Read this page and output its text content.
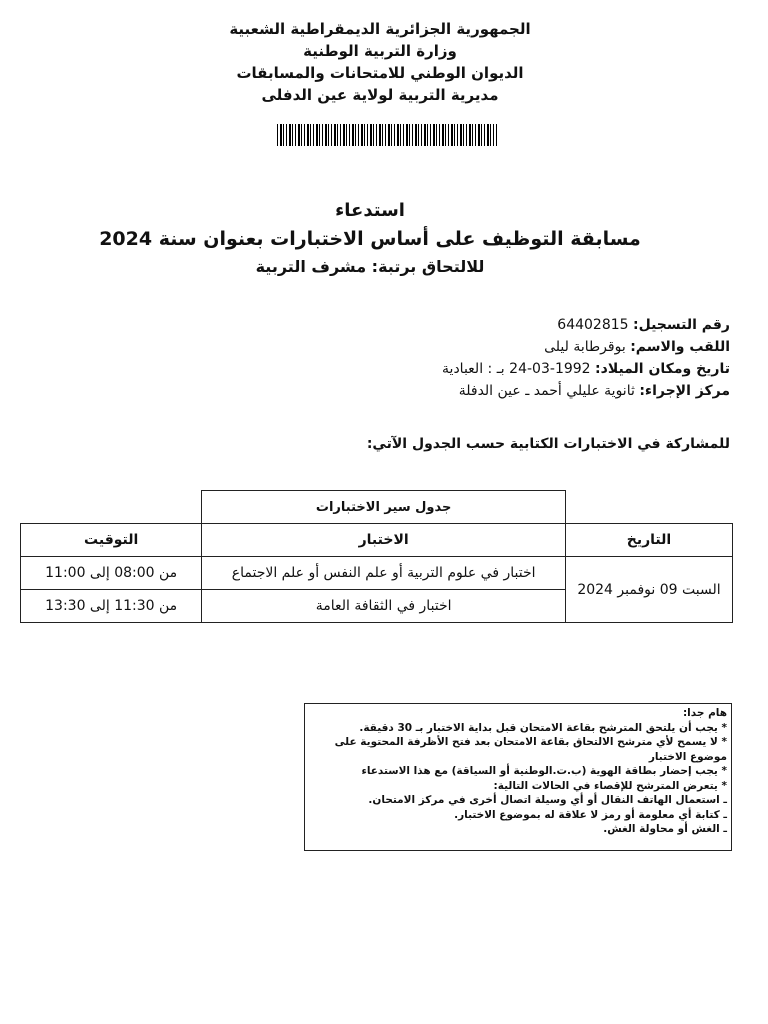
الجمهورية الجزائرية الديمقراطية الشعبية
وزارة التربية الوطنية
الديوان الوطني للامتحانات والمسابقات
مديرية التربية لولاية عين الدفلى
استدعاء
مسابقة التوظيف على أساس الاختبارات بعنوان سنة 2024
للالتحاق برتبة: مشرف التربية
رقم التسجيل: 64402815
اللقب والاسم: بوقرطابة ليلى
تاريخ ومكان الميلاد: 1992-03-24 بـ : العبادية
مركز الإجراء: ثانوية عليلي أحمد ـ عين الدفلة
للمشاركة في الاختبارات الكتابية حسب الجدول الآتي:
	جدول سير الاختبارات	
التاريخ	الاختبار	التوقيت
السبت 09 نوفمبر 2024	اختبار في علوم التربية أو علم النفس أو علم الاجتماع	من 08:00 إلى 11:00
	اختبار في الثقافة العامة	من 11:30 إلى 13:30
هام جدا:
* يجب أن يلتحق المترشح بقاعة الامتحان قبل بداية الاختبار بـ 30 دقيقة.
* لا يسمح لأي مترشح الالتحاق بقاعة الامتحان بعد فتح الأظرفة المحتوية على
موضوع الاختبار
* يجب إحضار بطاقة الهوية (ب.ت.الوطنية أو السياقة) مع هذا الاستدعاء
* يتعرض المترشح للإقصاء في الحالات التالية:
ـ استعمال الهاتف النقال أو أي وسيلة اتصال أخرى في مركز الامتحان.
ـ كتابة أي معلومة أو رمز لا علاقة له بموضوع الاختبار.
ـ الغش أو محاولة الغش.
